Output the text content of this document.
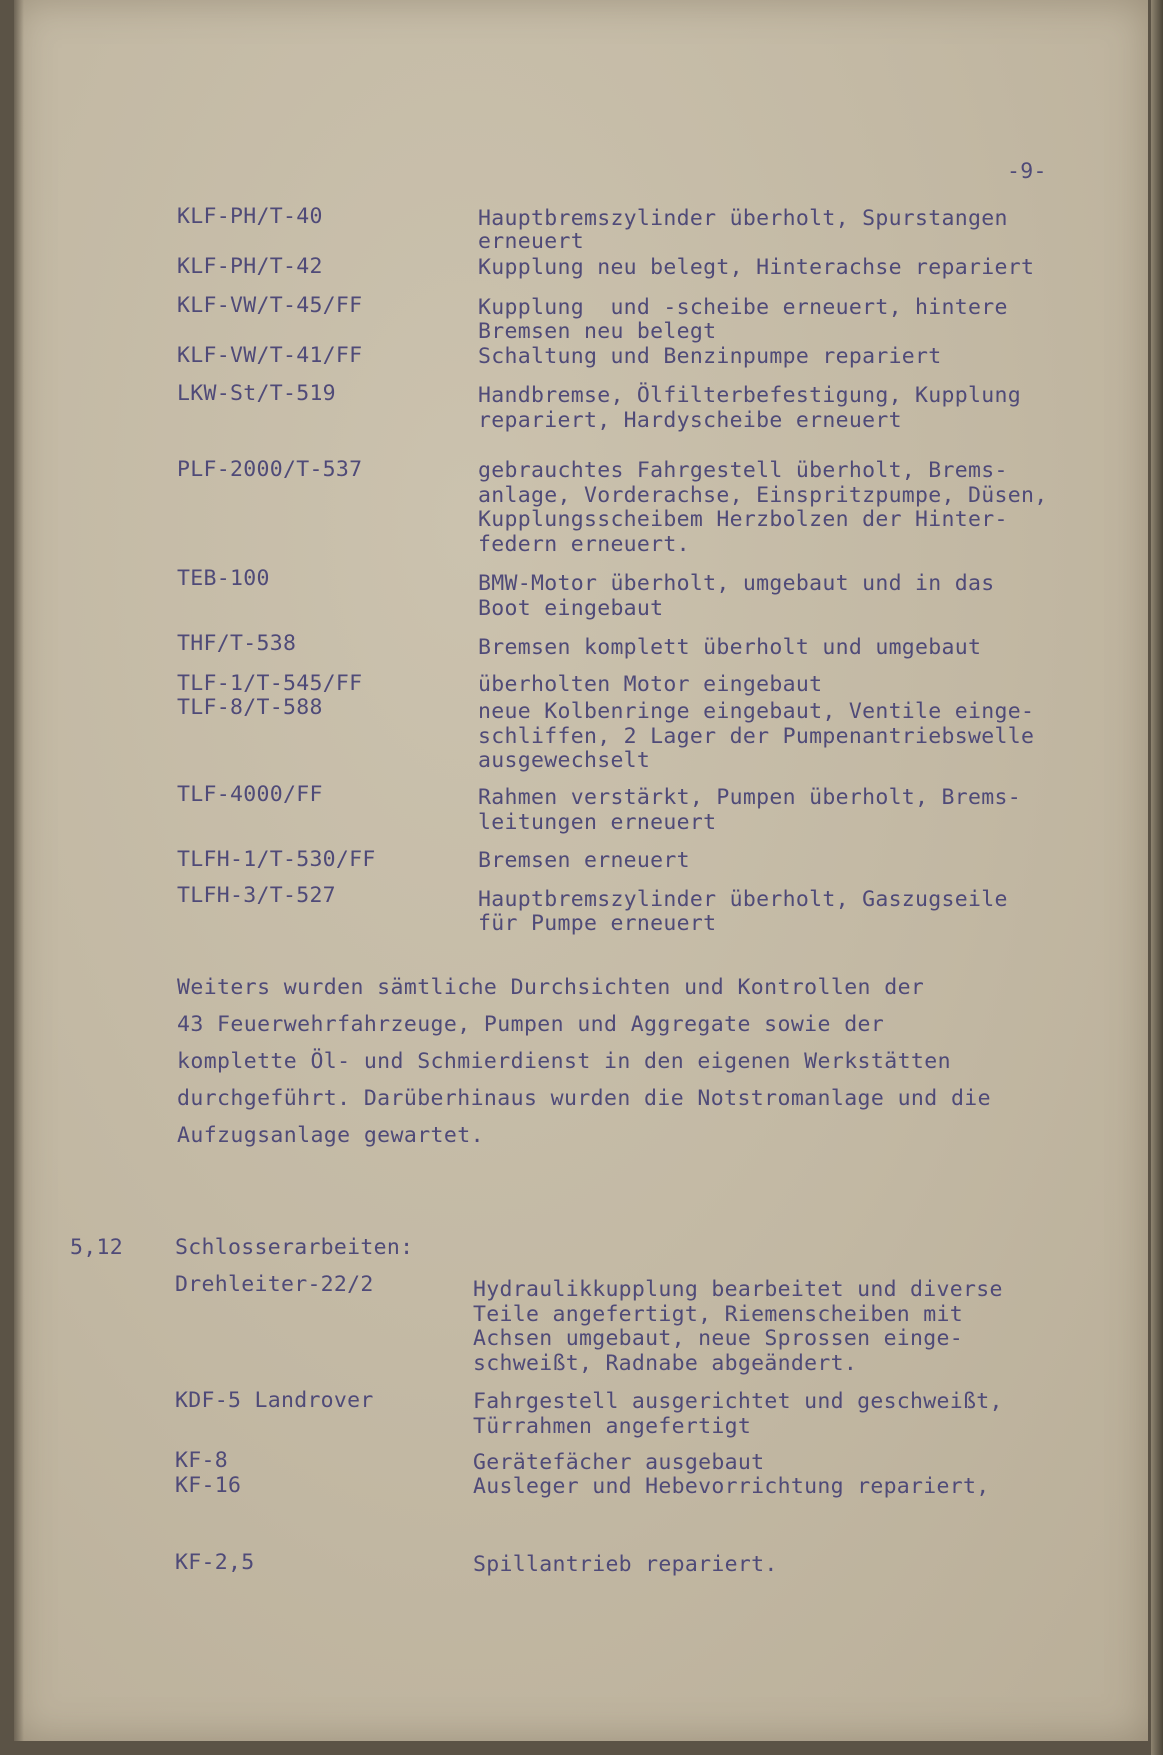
-9-
KLF-PH/T-40	Hauptbremszylinder überholt, Spurstangen
erneuert
KLF-PH/T-42	Kupplung neu belegt, Hinterachse repariert
KLF-VW/T-45/FF	Kupplung  und -scheibe erneuert, hintere
Bremsen neu belegt
KLF-VW/T-41/FF	Schaltung und Benzinpumpe repariert
LKW-St/T-519	Handbremse, Ölfilterbefestigung, Kupplung
repariert, Hardyscheibe erneuert
PLF-2000/T-537	gebrauchtes Fahrgestell überholt, Brems-
anlage, Vorderachse, Einspritzpumpe, Düsen,
Kupplungsscheibem Herzbolzen der Hinter-
federn erneuert.
TEB-100	BMW-Motor überholt, umgebaut und in das
Boot eingebaut
THF/T-538	Bremsen komplett überholt und umgebaut
TLF-1/T-545/FF	überholten Motor eingebaut
TLF-8/T-588	neue Kolbenringe eingebaut, Ventile einge-
schliffen, 2 Lager der Pumpenantriebswelle
ausgewechselt
TLF-4000/FF	Rahmen verstärkt, Pumpen überholt, Brems-
leitungen erneuert
TLFH-1/T-530/FF	Bremsen erneuert
TLFH-3/T-527	Hauptbremszylinder überholt, Gaszugseile
für Pumpe erneuert
Weiters wurden sämtliche Durchsichten und Kontrollen der
43 Feuerwehrfahrzeuge, Pumpen und Aggregate sowie der
komplette Öl- und Schmierdienst in den eigenen Werkstätten
durchgeführt. Darüberhinaus wurden die Notstromanlage und die
Aufzugsanlage gewartet.
5,12 Schlosserarbeiten:
Drehleiter-22/2	Hydraulikkupplung bearbeitet und diverse
Teile angefertigt, Riemenscheiben mit
Achsen umgebaut, neue Sprossen einge-
schweißt, Radnabe abgeändert.
KDF-5 Landrover	Fahrgestell ausgerichtet und geschweißt,
Türrahmen angefertigt
KF-8	Gerätefächer ausgebaut
KF-16	Ausleger und Hebevorrichtung repariert,
KF-2,5	Spillantrieb repariert.
